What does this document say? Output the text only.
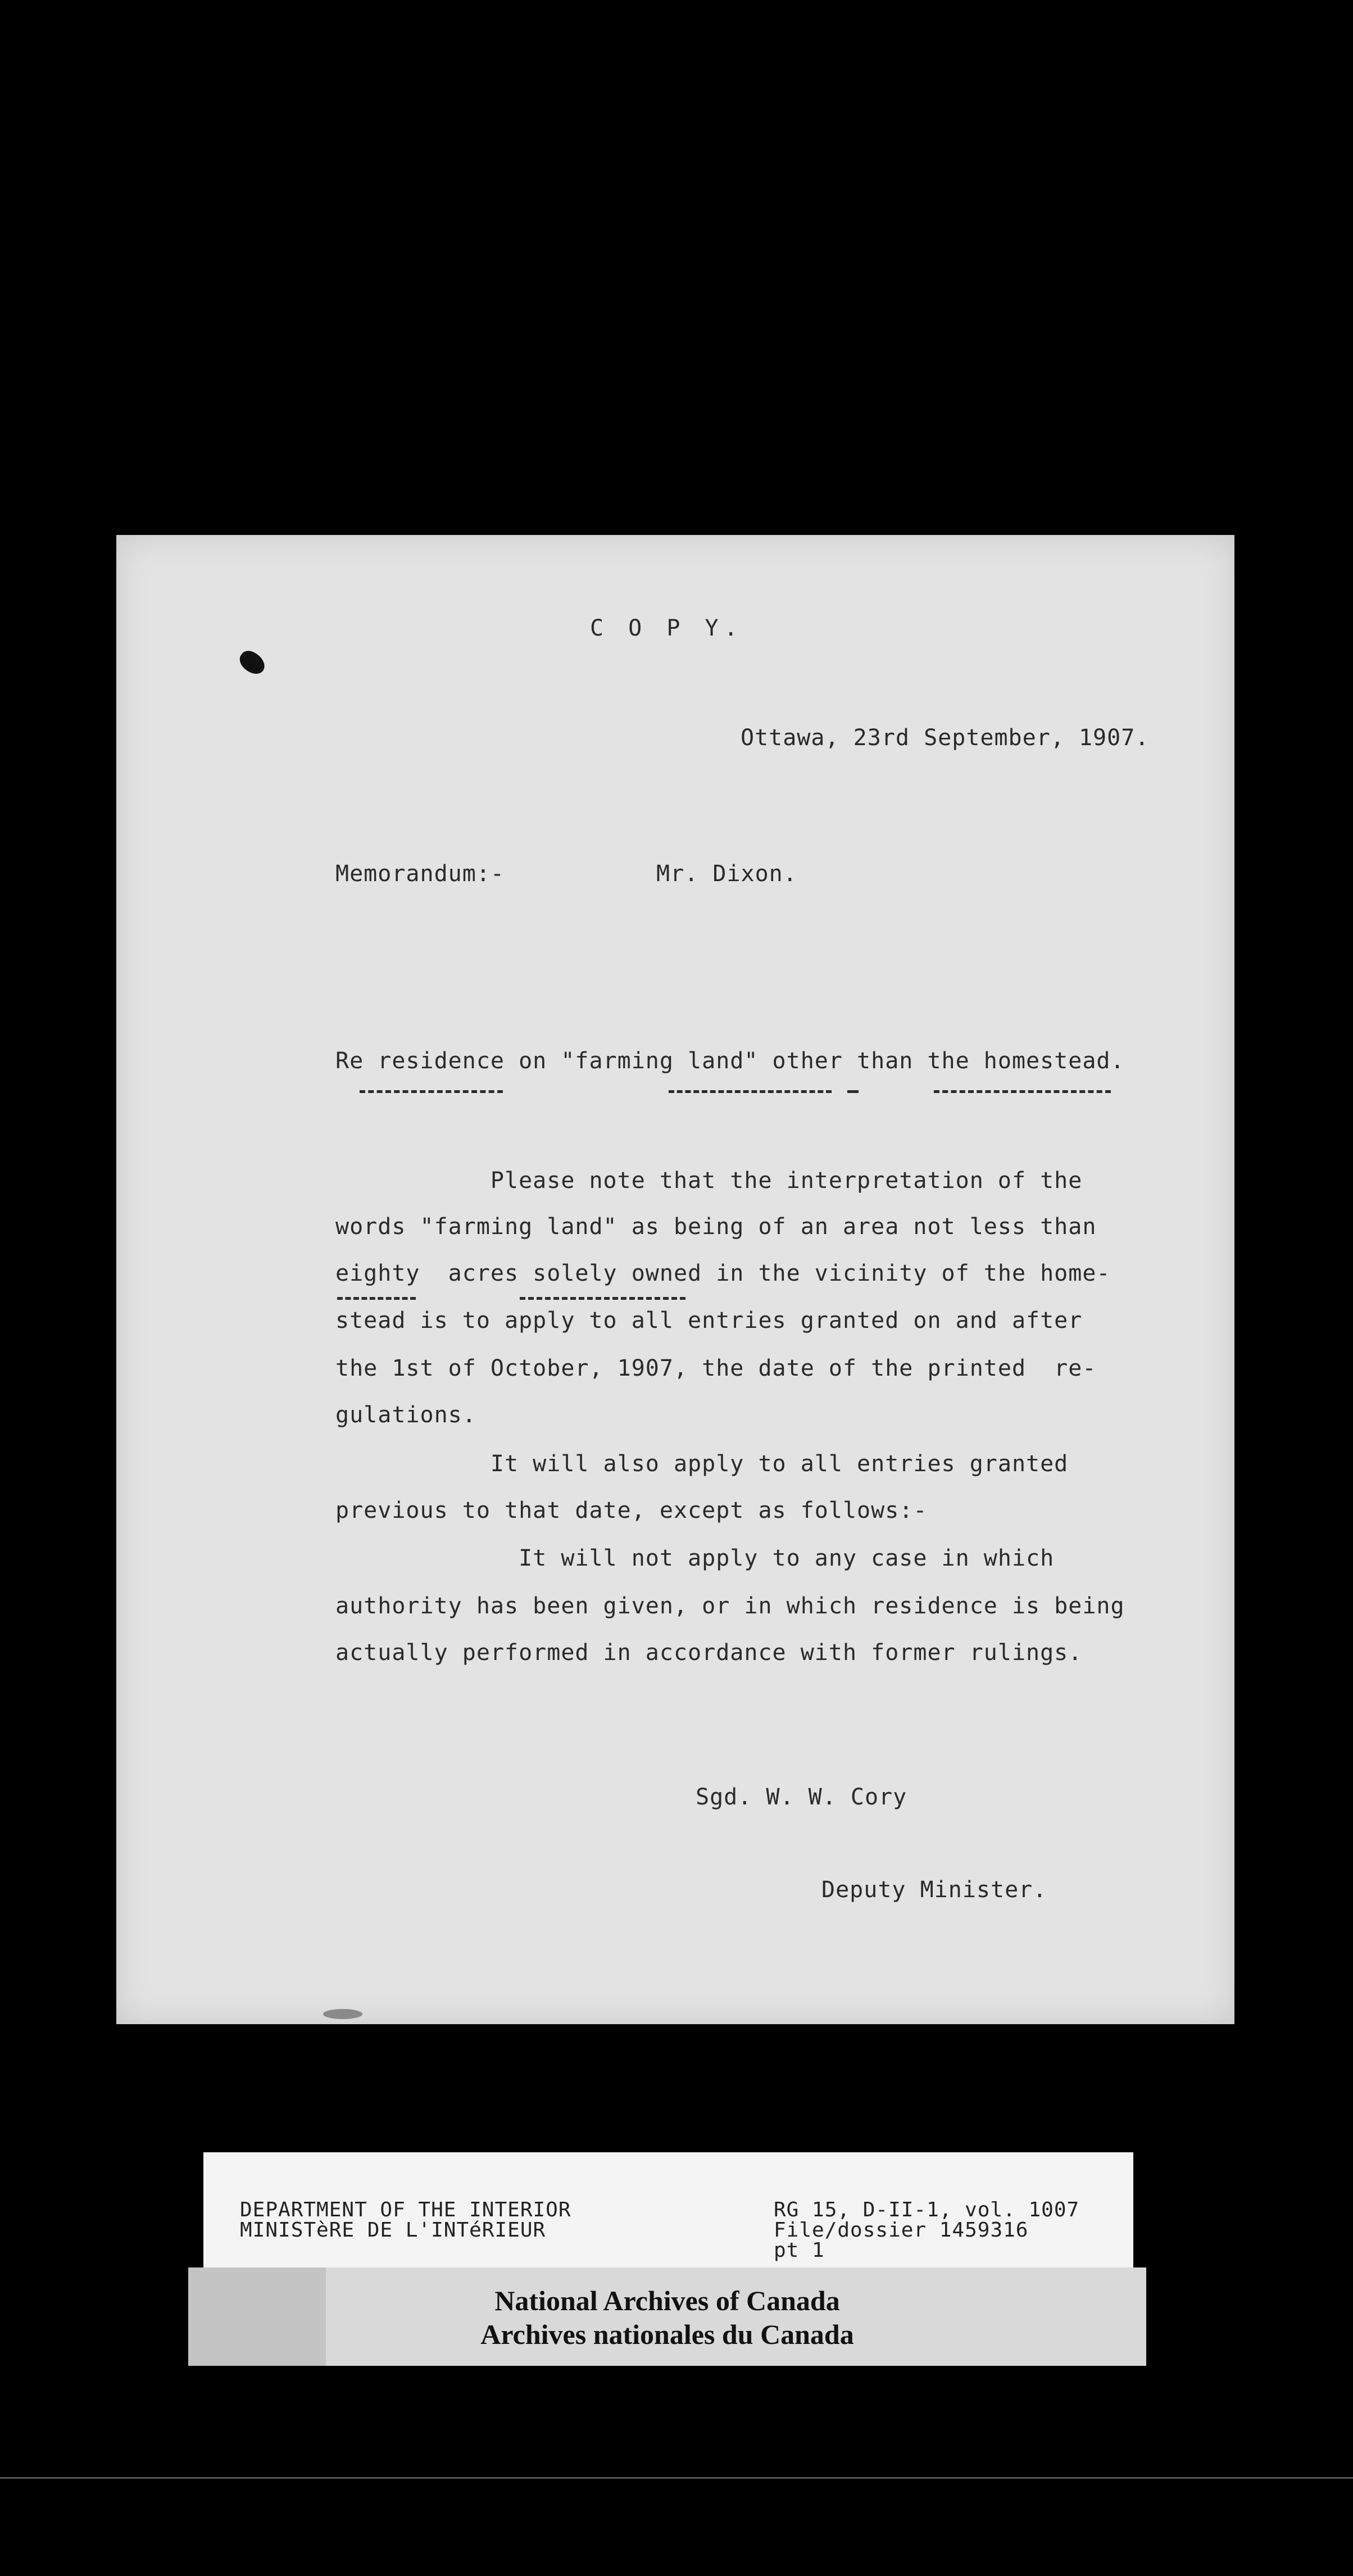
C O P Y.
Ottawa, 23rd September, 1907.
Memorandum:-	Mr. Dixon.
Re residence on "farming land" other than the homestead.
Please note that the interpretation of the
words "farming land" as being of an area not less than
eighty  acres solely owned in the vicinity of the home-
stead is to apply to all entries granted on and after
the 1st of October, 1907, the date of the printed  re-
gulations.
It will also apply to all entries granted
previous to that date, except as follows:-
It will not apply to any case in which
authority has been given, or in which residence is being
actually performed in accordance with former rulings.
Sgd. W. W. Cory
Deputy Minister.
DEPARTMENT OF THE INTERIOR
MINISTèRE DE L'INTéRIEUR
RG 15, D-II-1, vol. 1007
File/dossier 1459316
pt 1
National Archives of Canada
Archives nationales du Canada
